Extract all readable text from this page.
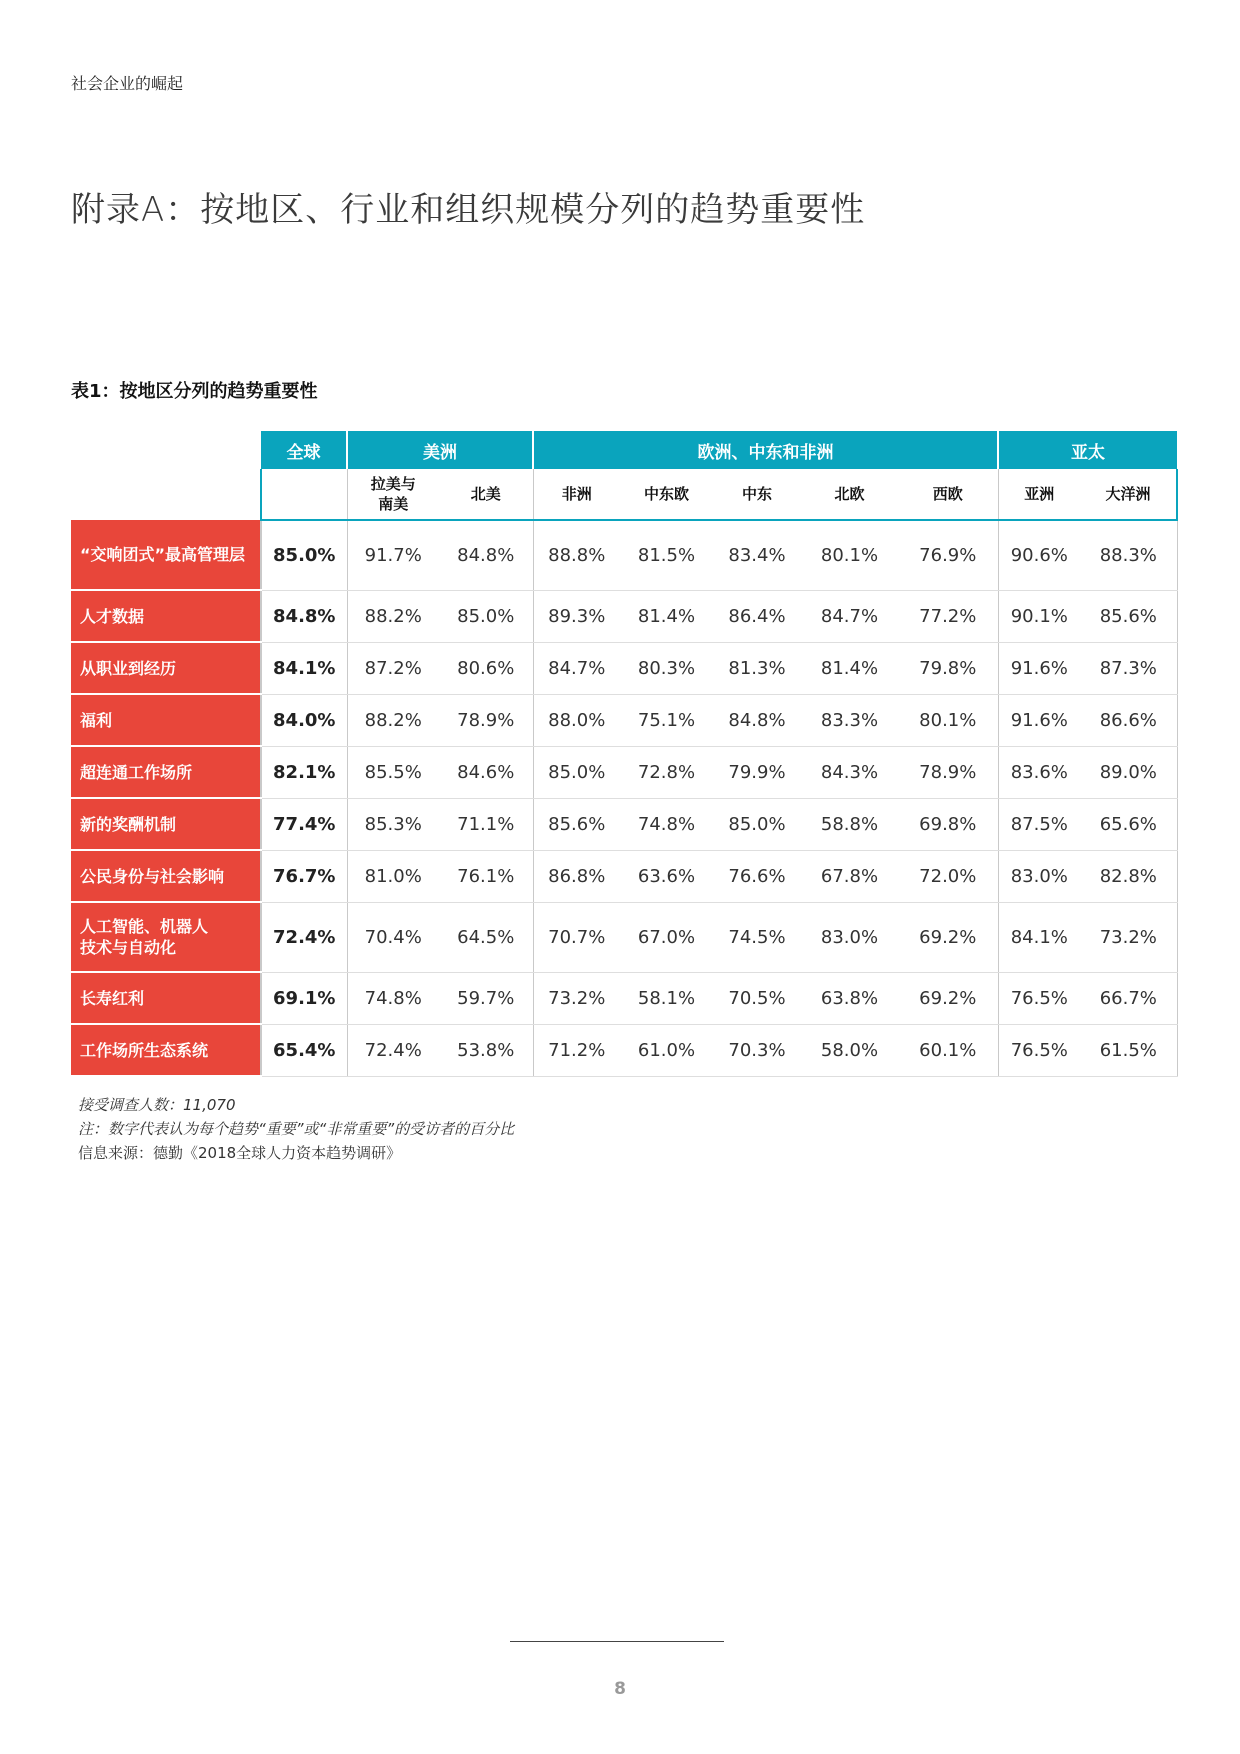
社会企业的崛起
附录A：按地区、行业和组织规模分列的趋势重要性
表1：按地区分列的趋势重要性
	全球	美洲		欧洲、中东和非洲					亚太	
		拉美与
南美	北美	非洲	中东欧	中东	北欧	西欧	亚洲	大洋洲
“交响团式”最高管理层	85.0%	91.7%	84.8%	88.8%	81.5%	83.4%	80.1%	76.9%	90.6%	88.3%
人才数据	84.8%	88.2%	85.0%	89.3%	81.4%	86.4%	84.7%	77.2%	90.1%	85.6%
从职业到经历	84.1%	87.2%	80.6%	84.7%	80.3%	81.3%	81.4%	79.8%	91.6%	87.3%
福利	84.0%	88.2%	78.9%	88.0%	75.1%	84.8%	83.3%	80.1%	91.6%	86.6%
超连通工作场所	82.1%	85.5%	84.6%	85.0%	72.8%	79.9%	84.3%	78.9%	83.6%	89.0%
新的奖酬机制	77.4%	85.3%	71.1%	85.6%	74.8%	85.0%	58.8%	69.8%	87.5%	65.6%
公民身份与社会影响	76.7%	81.0%	76.1%	86.8%	63.6%	76.6%	67.8%	72.0%	83.0%	82.8%
人工智能、机器人
技术与自动化	72.4%	70.4%	64.5%	70.7%	67.0%	74.5%	83.0%	69.2%	84.1%	73.2%
长寿红利	69.1%	74.8%	59.7%	73.2%	58.1%	70.5%	63.8%	69.2%	76.5%	66.7%
工作场所生态系统	65.4%	72.4%	53.8%	71.2%	61.0%	70.3%	58.0%	60.1%	76.5%	61.5%
接受调查人数：11,070
注：数字代表认为每个趋势“重要”或“非常重要”的受访者的百分比
信息来源：德勤《2018全球人力资本趋势调研》
8
